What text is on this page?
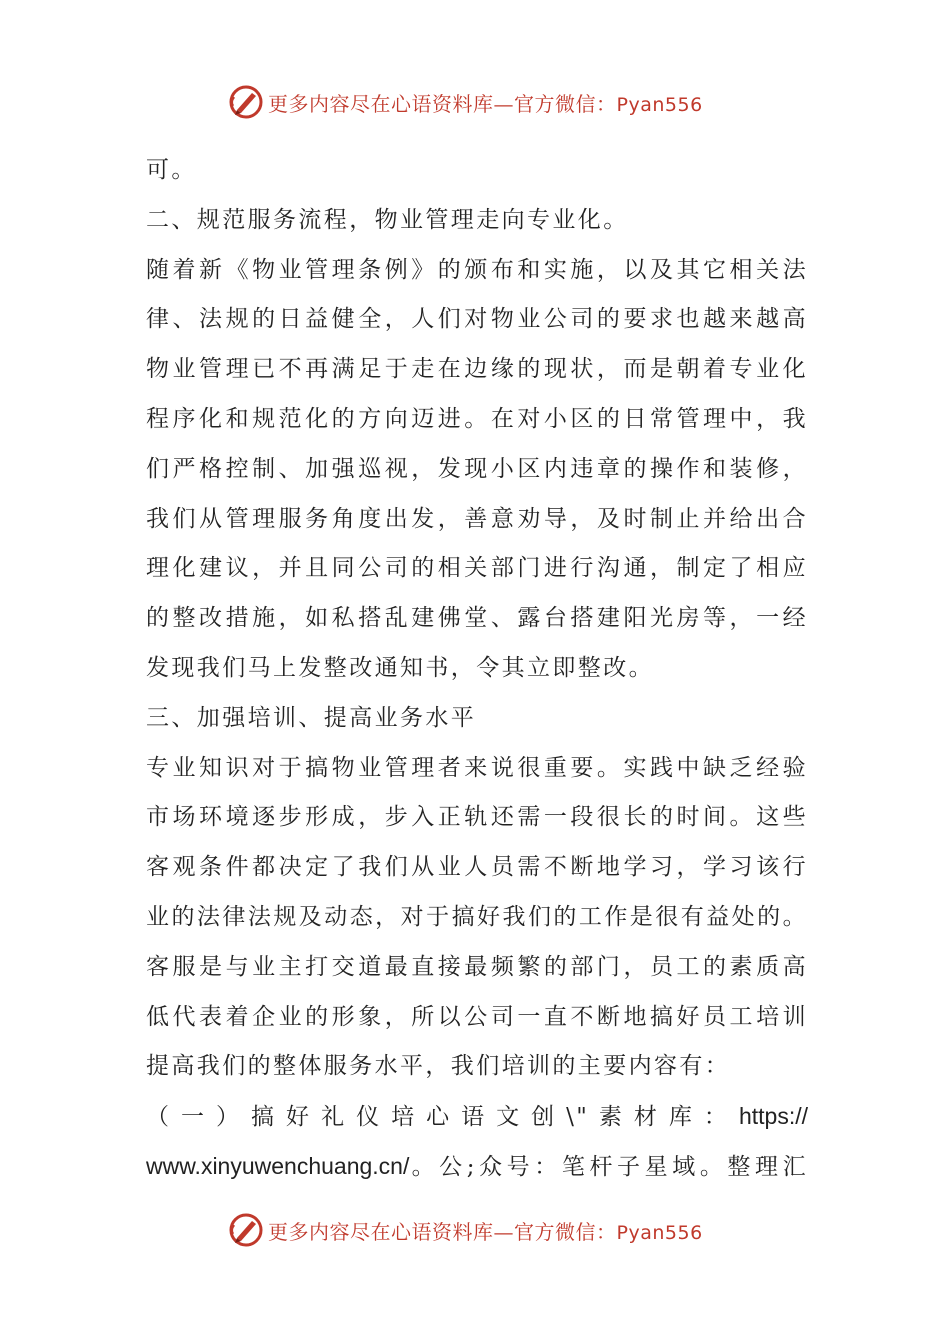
更多内容尽在心语资料库—官方微信：Pyan556
可。
二、规范服务流程，物业管理走向专业化。
随着新《物业管理条例》的颁布和实施，以及其它相关法
律、法规的日益健全，人们对物业公司的要求也越来越高
物业管理已不再满足于走在边缘的现状，而是朝着专业化
程序化和规范化的方向迈进。在对小区的日常管理中，我
们严格控制、加强巡视，发现小区内违章的操作和装修，
我们从管理服务角度出发，善意劝导，及时制止并给出合
理化建议，并且同公司的相关部门进行沟通，制定了相应
的整改措施，如私搭乱建佛堂、露台搭建阳光房等，一经
发现我们马上发整改通知书，令其立即整改。
三、加强培训、提高业务水平
专业知识对于搞物业管理者来说很重要。实践中缺乏经验
市场环境逐步形成，步入正轨还需一段很长的时间。这些
客观条件都决定了我们从业人员需不断地学习，学习该行
业的法律法规及动态，对于搞好我们的工作是很有益处的。
客服是与业主打交道最直接最频繁的部门，员工的素质高
低代表着企业的形象，所以公司一直不断地搞好员工培训
提高我们的整体服务水平，我们培训的主要内容有：
（一）搞好礼仪培心语文创\"素材库：https://
www.xinyuwenchuang.cn/。公;众号：笔杆子星域。整理汇
更多内容尽在心语资料库—官方微信：Pyan556
